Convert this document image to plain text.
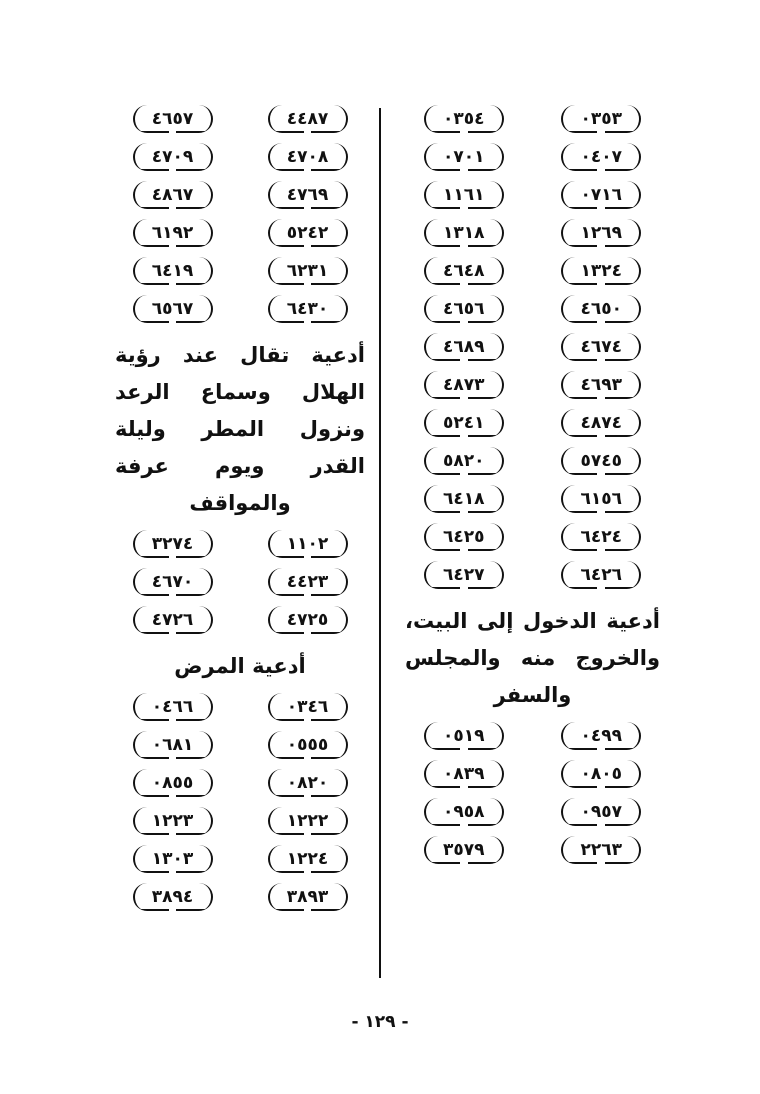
٠٣٥٣
٠٣٥٤
٠٤٠٧
٠٧٠١
٠٧١٦
١١٦١
١٢٦٩
١٣١٨
١٣٢٤
٤٦٤٨
٤٦٥٠
٤٦٥٦
٤٦٧٤
٤٦٨٩
٤٦٩٣
٤٨٧٣
٤٨٧٤
٥٢٤١
٥٧٤٥
٥٨٢٠
٦١٥٦
٦٤١٨
٦٤٢٤
٦٤٢٥
٦٤٢٦
٦٤٢٧
أدعية الدخول إلى البيت، والخروج منه والمجلس والسفر
٠٤٩٩
٠٥١٩
٠٨٠٥
٠٨٣٩
٠٩٥٧
٠٩٥٨
٢٢٦٣
٣٥٧٩
٤٤٨٧
٤٦٥٧
٤٧٠٨
٤٧٠٩
٤٧٦٩
٤٨٦٧
٥٢٤٢
٦١٩٢
٦٢٣١
٦٤١٩
٦٤٣٠
٦٥٦٧
أدعية تقال عند رؤية الهلال وسماع الرعد ونزول المطر وليلة القدر ويوم عرفة والمواقف
١١٠٢
٣٢٧٤
٤٤٢٣
٤٦٧٠
٤٧٢٥
٤٧٢٦
أدعية المرض
٠٣٤٦
٠٤٦٦
٠٥٥٥
٠٦٨١
٠٨٢٠
٠٨٥٥
١٢٢٢
١٢٢٣
١٢٢٤
١٣٠٣
٣٨٩٣
٣٨٩٤
- ١٢٩ -
